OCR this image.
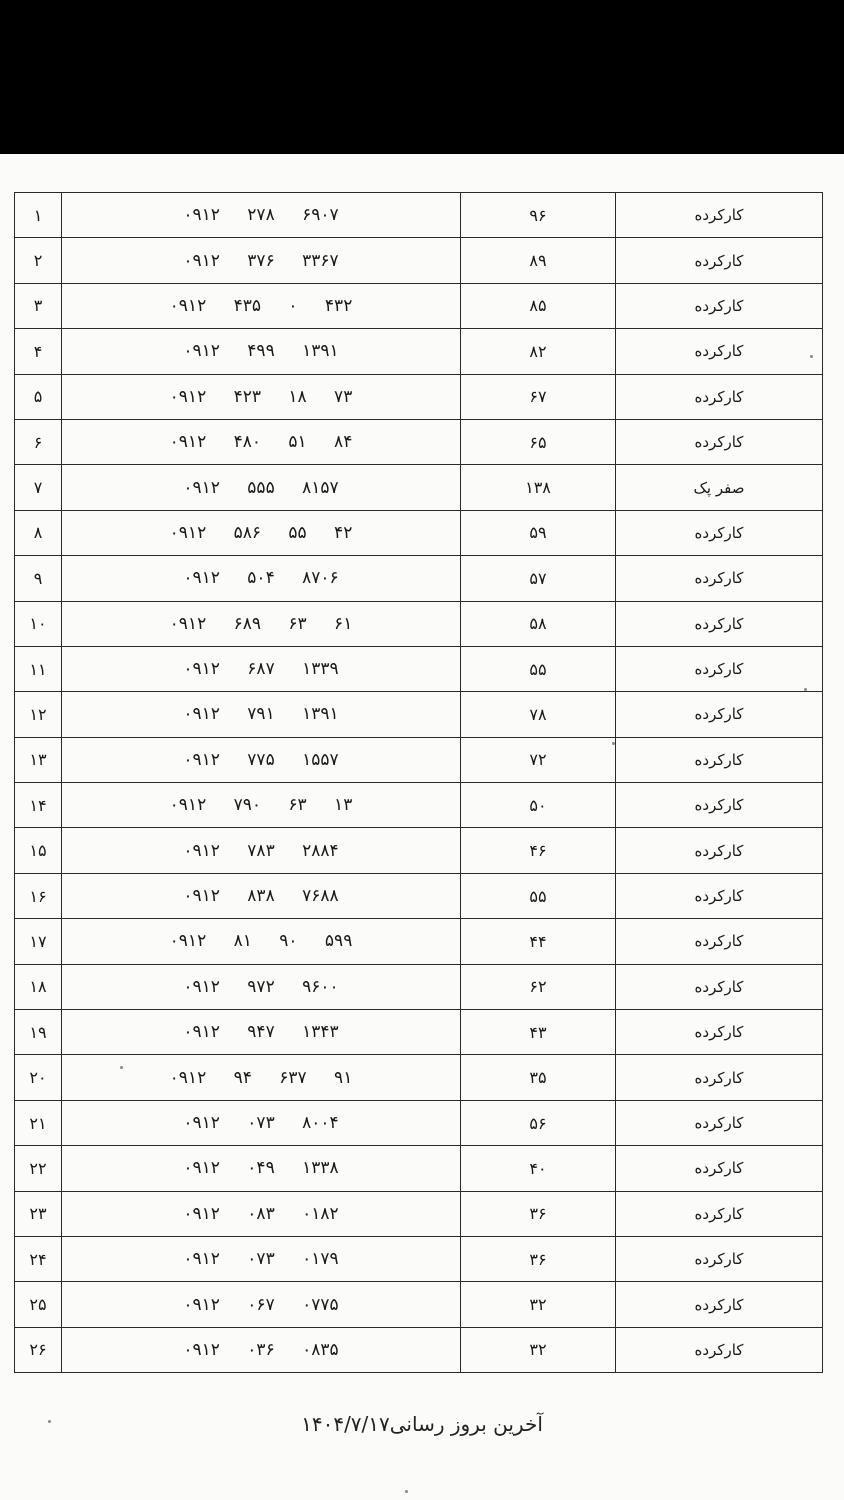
۱	۰۹۱۲ ۲۷۸ ۶۹۰۷	۹۶	کارکرده
۲	۰۹۱۲ ۳۷۶ ۳۳۶۷	۸۹	کارکرده
۳	۰۹۱۲ ۴۳۵ ۰ ۴۳۲	۸۵	کارکرده
۴	۰۹۱۲ ۴۹۹ ۱۳۹۱	۸۲	کارکرده
۵	۰۹۱۲ ۴۲۳ ۱۸ ۷۳	۶۷	کارکرده
۶	۰۹۱۲ ۴۸۰ ۵۱ ۸۴	۶۵	کارکرده
۷	۰۹۱۲ ۵۵۵ ۸۱۵۷	۱۳۸	صفر پک
۸	۰۹۱۲ ۵۸۶ ۵۵ ۴۲	۵۹	کارکرده
۹	۰۹۱۲ ۵۰۴ ۸۷۰۶	۵۷	کارکرده
۱۰	۰۹۱۲ ۶۸۹ ۶۳ ۶۱	۵۸	کارکرده
۱۱	۰۹۱۲ ۶۸۷ ۱۳۳۹	۵۵	کارکرده
۱۲	۰۹۱۲ ۷۹۱ ۱۳۹۱	۷۸	کارکرده
۱۳	۰۹۱۲ ۷۷۵ ۱۵۵۷	۷۲	کارکرده
۱۴	۰۹۱۲ ۷۹۰ ۶۳ ۱۳	۵۰	کارکرده
۱۵	۰۹۱۲ ۷۸۳ ۲۸۸۴	۴۶	کارکرده
۱۶	۰۹۱۲ ۸۳۸ ۷۶۸۸	۵۵	کارکرده
۱۷	۰۹۱۲ ۸۱ ۹۰ ۵۹۹	۴۴	کارکرده
۱۸	۰۹۱۲ ۹۷۲ ۹۶۰۰	۶۲	کارکرده
۱۹	۰۹۱۲ ۹۴۷ ۱۳۴۳	۴۳	کارکرده
۲۰	۰۹۱۲ ۹۴ ۶۳۷ ۹۱	۳۵	کارکرده
۲۱	۰۹۱۲ ۰۷۳ ۸۰۰۴	۵۶	کارکرده
۲۲	۰۹۱۲ ۰۴۹ ۱۳۳۸	۴۰	کارکرده
۲۳	۰۹۱۲ ۰۸۳ ۰۱۸۲	۳۶	کارکرده
۲۴	۰۹۱۲ ۰۷۳ ۰۱۷۹	۳۶	کارکرده
۲۵	۰۹۱۲ ۰۶۷ ۰۷۷۵	۳۲	کارکرده
۲۶	۰۹۱۲ ۰۳۶ ۰۸۳۵	۳۲	کارکرده
آخرین بروز رسانی۱۴۰۴/۷/۱۷
